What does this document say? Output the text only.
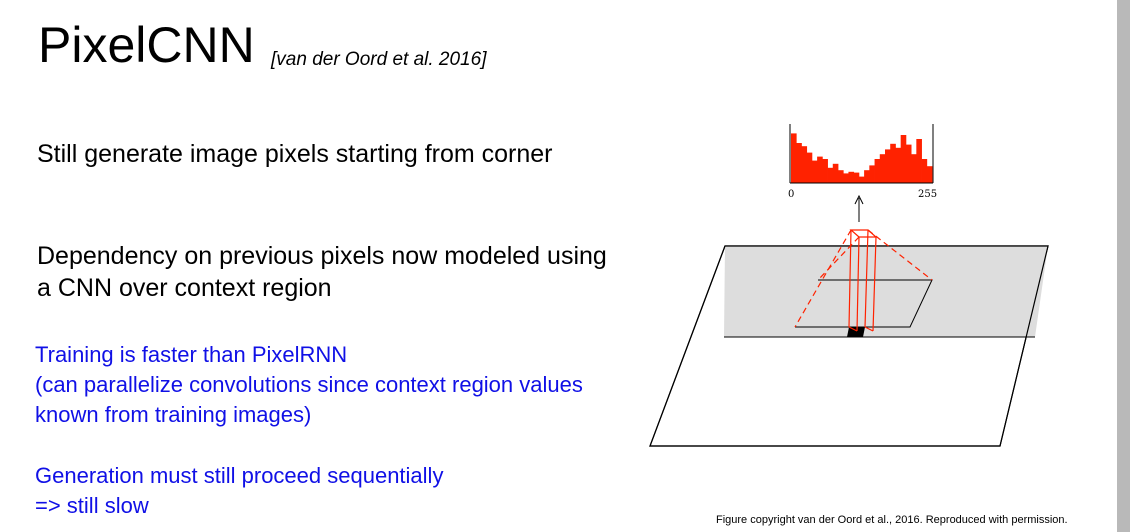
PixelCNN [van der Oord et al. 2016]
Still generate image pixels starting from corner
Dependency on previous pixels now modeled using a CNN over context region
Training is faster than PixelRNN
(can parallelize convolutions since context region values known from training images)
Generation must still proceed sequentially
=> still slow
0	255
Figure copyright van der Oord et al., 2016. Reproduced with permission.
